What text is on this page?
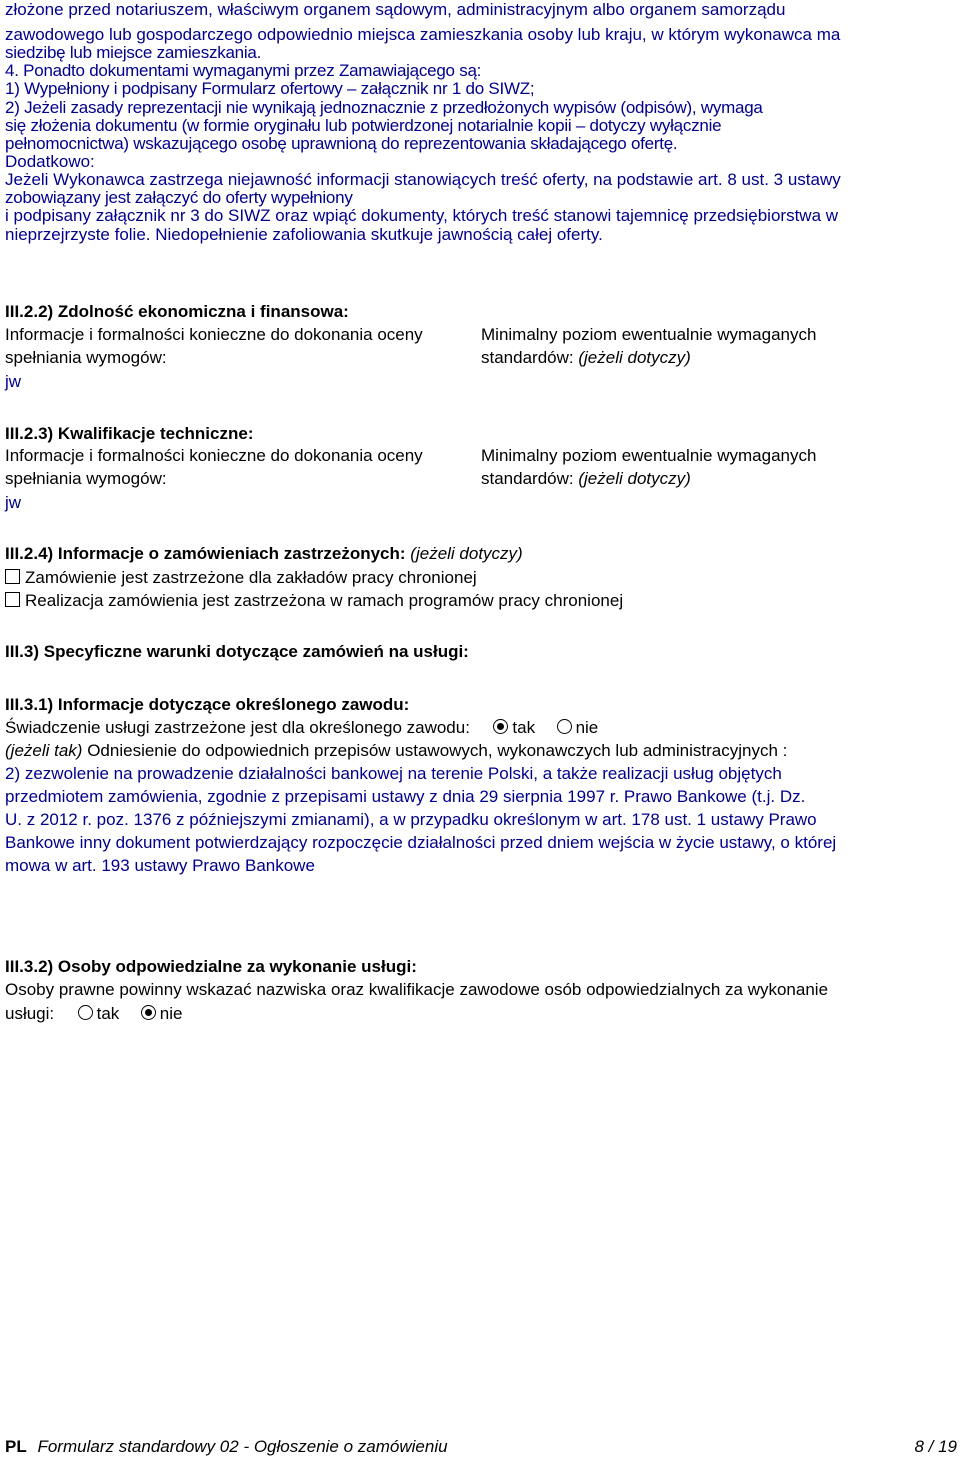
złożone przed notariuszem, właściwym organem sądowym, administracyjnym albo organem samorządu
zawodowego lub gospodarczego odpowiednio miejsca zamieszkania osoby lub kraju, w którym wykonawca ma
siedzibę lub miejsce zamieszkania.
4. Ponadto dokumentami wymaganymi przez Zamawiającego są:
1) Wypełniony i podpisany Formularz ofertowy – załącznik nr 1 do SIWZ;
2) Jeżeli zasady reprezentacji nie wynikają jednoznacznie z przedłożonych wypisów (odpisów), wymaga
się złożenia dokumentu (w formie oryginału lub potwierdzonej notarialnie kopii – dotyczy wyłącznie
pełnomocnictwa) wskazującego osobę uprawnioną do reprezentowania składającego ofertę.
Dodatkowo:
Jeżeli Wykonawca zastrzega niejawność informacji stanowiących treść oferty, na podstawie art. 8 ust. 3 ustawy
zobowiązany jest załączyć do oferty wypełniony
i podpisany załącznik nr 3 do SIWZ oraz wpiąć dokumenty, których treść stanowi tajemnicę przedsiębiorstwa w
nieprzejrzyste folie. Niedopełnienie zafoliowania skutkuje jawnością całej oferty.
III.2.2) Zdolność ekonomiczna i finansowa:
Informacje i formalności konieczne do dokonania oceny
spełniania wymogów:
Minimalny poziom ewentualnie wymaganych
standardów: (jeżeli dotyczy)
jw
III.2.3) Kwalifikacje techniczne:
Informacje i formalności konieczne do dokonania oceny
spełniania wymogów:
Minimalny poziom ewentualnie wymaganych
standardów: (jeżeli dotyczy)
jw
III.2.4) Informacje o zamówieniach zastrzeżonych: (jeżeli dotyczy)
Zamówienie jest zastrzeżone dla zakładów pracy chronionej
Realizacja zamówienia jest zastrzeżona w ramach programów pracy chronionej
III.3) Specyficzne warunki dotyczące zamówień na usługi:
III.3.1) Informacje dotyczące określonego zawodu:
Świadczenie usługi zastrzeżone jest dla określonego zawodu: tak nie
(jeżeli tak) Odniesienie do odpowiednich przepisów ustawowych, wykonawczych lub administracyjnych :
2) zezwolenie na prowadzenie działalności bankowej na terenie Polski, a także realizacji usług objętych
przedmiotem zamówienia, zgodnie z przepisami ustawy z dnia 29 sierpnia 1997 r. Prawo Bankowe (t.j. Dz.
U. z 2012 r. poz. 1376 z późniejszymi zmianami), a w przypadku określonym w art. 178 ust. 1 ustawy Prawo
Bankowe inny dokument potwierdzający rozpoczęcie działalności przed dniem wejścia w życie ustawy, o której
mowa w art. 193 ustawy Prawo Bankowe
III.3.2) Osoby odpowiedzialne za wykonanie usługi:
Osoby prawne powinny wskazać nazwiska oraz kwalifikacje zawodowe osób odpowiedzialnych za wykonanie
usługi: tak nie
PL Formularz standardowy 02 - Ogłoszenie o zamówieniu	8 / 19
